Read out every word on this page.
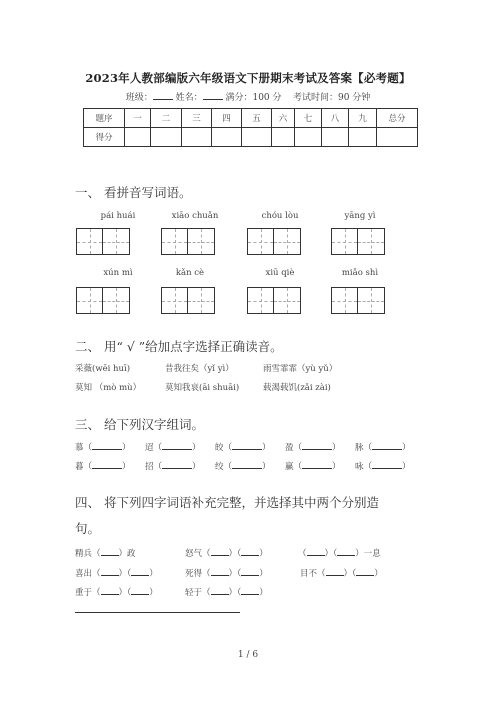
2023年人教部编版六年级语文下册期末考试及答案【必考题】
班级：	姓名：	满分：100 分 考试时间：90 分钟
题序	一	二	三	四	五	六	七	八	九	总分
得分										
一、 看拼音写词语。
pái huái	xiāo chuǎn	chóu lòu	yāng yì
xún mì	kǎn cè	xiū qiè	miǎo shì
二、 用“ √ ”给加点字选择正确读音。
采薇(wēi huī)	昔我往矣（yǐ yì）	雨雪霏霏（yù yǔ）
莫知 （mò mù）	莫知我哀(āi shuāi)	载渴载饥(zǎi zài)
三、 给下列汉字组词。
慕（	） 迢（	） 皎（	） 盈（	） 脉（	）
暮（	） 招（	） 绞（	） 赢（	） 咏（	）
四、 将下列四字词语补充完整，并选择其中两个分别造
句。
精兵（ ）政	怒气（ ）（ ）	（ ）（ ）一息
喜出（ ）（ ）	死得（ ）（ ）	目不（ ）（ ）
重于（ ）（ ）	轻于（ ）（ ）
1 / 6
